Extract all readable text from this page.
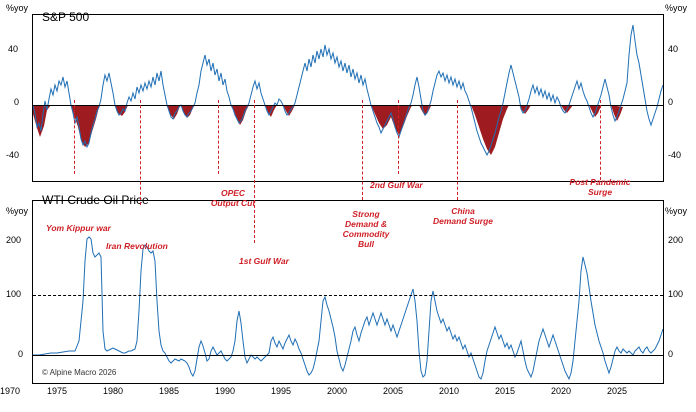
%yoy	%yoy
S&P 500
40
0
-40
40
0
-40
%yoy	%yoy
WTI Crude Oil Price
200
100
0
200
100
0
© Alpine Macro 2026
1970	1975	1980	1985	1990	1995	2000	2005	2010	2015	2020	2025
Yom Kippur war
Iran Revolution
OPEC
Output Cut
1st Gulf War
Strong
Demand &
Commodity
Bull
2nd Gulf War
China
Demand Surge
Post Pandemic
Surge
